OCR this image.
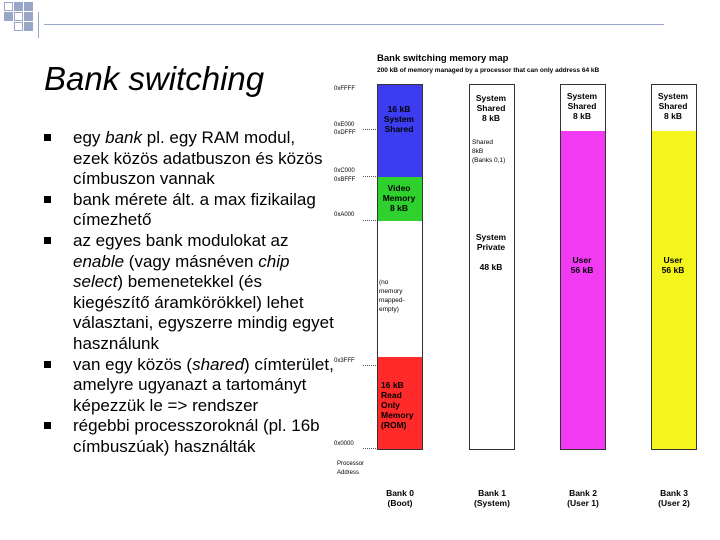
Bank switching
egy bank pl. egy RAM modul, ezek közös adatbuszon és közös címbuszon vannak
bank mérete ált. a max fizikailag címezhető
az egyes bank modulokat az enable (vagy másnéven chip select) bemenetekkel (és kiegészítő áramkörökkel) lehet választani, egyszerre mindig egyet használunk
van egy közös (shared) címterület, amelyre ugyanazt a tartományt képezzük le => rendszer
régebbi processzoroknál (pl. 16b címbuszúak) használták
Bank switching memory map
200 kB of memory managed by a processor that can only address 64 kB
0xFFFF
0xE000
0xDFFF
0xC000
0xBFFF
0xA000
0x3FFF
0x0000
Processor
Address
16 kB
System
Shared
Video
Memory
8 kB
(no
memory
mapped-
empty)
16 kB
Read
Only
Memory
(ROM)
System
Shared
8 kB
Shared
8kB
(Banks 0,1)
System
Private

48 kB
System
Shared
8 kB
User
56 kB
System
Shared
8 kB
User
56 kB
Bank 0
(Boot)
Bank 1
(System)
Bank 2
(User 1)
Bank 3
(User 2)
